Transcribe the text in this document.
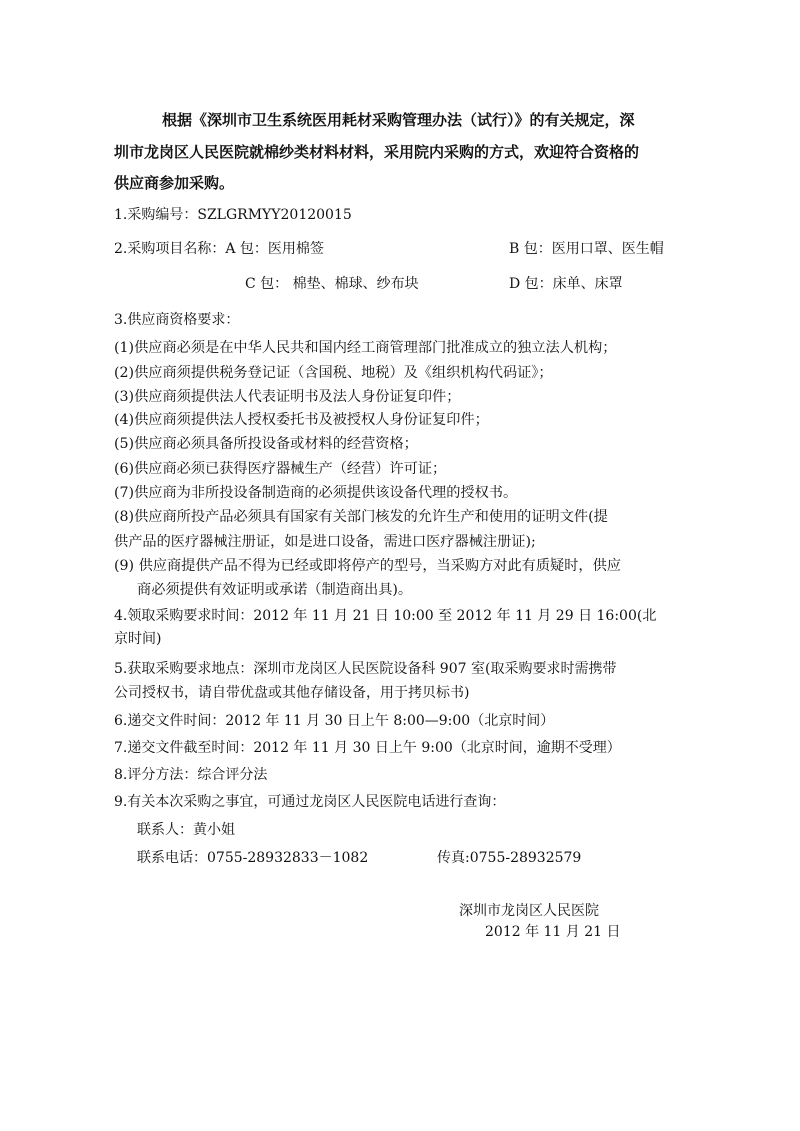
根据《深圳市卫生系统医用耗材采购管理办法（试行）》的有关规定，深
圳市龙岗区人民医院就棉纱类材料材料，采用院内采购的方式，欢迎符合资格的
供应商参加采购。
1.采购编号：SZLGRMYY20120015
2.采购项目名称：A 包：医用棉签	B 包：医用口罩、医生帽
C 包： 棉垫、棉球、纱布块	D 包：床单、床罩
3.供应商资格要求：
(1)供应商必须是在中华人民共和国内经工商管理部门批准成立的独立法人机构；
(2)供应商须提供税务登记证（含国税、地税）及《组织机构代码证》；
(3)供应商须提供法人代表证明书及法人身份证复印件；
(4)供应商须提供法人授权委托书及被授权人身份证复印件；
(5)供应商必须具备所投设备或材料的经营资格；
(6)供应商必须已获得医疗器械生产（经营）许可证；
(7)供应商为非所投设备制造商的必须提供该设备代理的授权书。
(8)供应商所投产品必须具有国家有关部门核发的允许生产和使用的证明文件(提
供产品的医疗器械注册证，如是进口设备，需进口医疗器械注册证);
(9) 供应商提供产品不得为已经或即将停产的型号，当采购方对此有质疑时，供应
商必须提供有效证明或承诺（制造商出具)。
4.领取采购要求时间：2012 年 11 月 21 日 10:00 至 2012 年 11 月 29 日 16:00(北
京时间)
5.获取采购要求地点：深圳市龙岗区人民医院设备科 907 室(取采购要求时需携带
公司授权书，请自带优盘或其他存储设备，用于拷贝标书)
6.递交文件时间：2012 年 11 月 30 日上午 8:00—9:00（北京时间）
7.递交文件截至时间：2012 年 11 月 30 日上午 9:00（北京时间，逾期不受理）
8.评分方法：综合评分法
9.有关本次采购之事宜，可通过龙岗区人民医院电话进行查询：
联系人：黄小姐
联系电话：0755-28932833－1082	传真:0755-28932579
深圳市龙岗区人民医院
2012 年 11 月 21 日
